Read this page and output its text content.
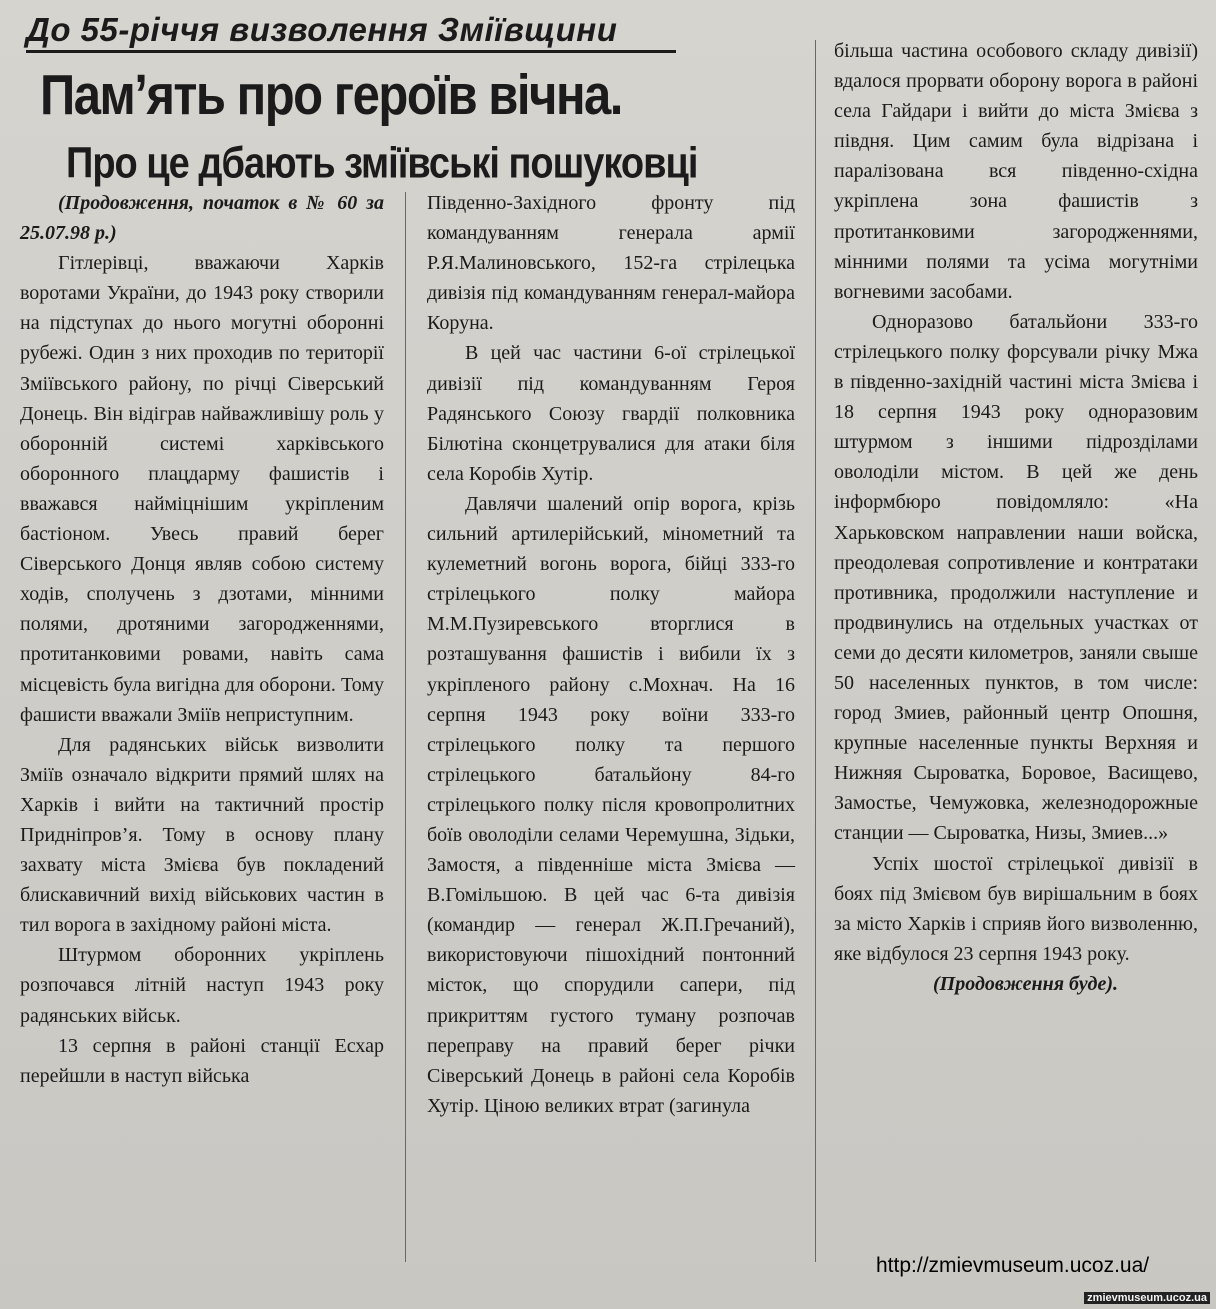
До 55-річчя визволення Зміївщини
Пам’ять про героїв вічна.
Про це дбають зміївські пошуковці

(Продовження, початок в № 60 за 25.07.98 р.)

Гітлерівці, вважаючи Харків воротами України, до 1943 року створили на підступах до нього могутні оборонні рубежі. Один з них проходив по території Зміївського району, по річці Сіверський Донець. Він відіграв найважливішу роль у оборонній системі харківського оборонного плацдарму фашистів і вважався найміцнішим укріпленим бастіоном. Увесь правий берег Сіверського Донця являв собою систему ходів, сполучень з дзотами, мінними полями, дротяними загородженнями, протитанковими ровами, навіть сама місцевість була вигідна для оборони. Тому фашисти вважали Зміїв неприступним.

Для радянських військ визволити Зміїв означало відкрити прямий шлях на Харків і вийти на тактичний простір Придніпров’я. Тому в основу плану захвату міста Змієва був покладений блискавичний вихід військових частин в тил ворога в західному районі міста.

Штурмом оборонних укріплень розпочався літній наступ 1943 року радянських військ.

13 серпня в районі станції Есхар перейшли в наступ війська

Південно-Західного фронту під командуванням генерала армії Р.Я.Малиновського, 152-га стрілецька дивізія під командуванням генерал-майора Коруна.

В цей час частини 6-ої стрілецької дивізії під командуванням Героя Радянського Союзу гвардії полковника Білютіна сконцетрувалися для атаки біля села Коробів Хутір.

Давлячи шалений опір ворога, крізь сильний артилерійський, мінометний та кулеметний вогонь ворога, бійці 333-го стрілецького полку майора М.М.Пузиревського вторглися в розташування фашистів і вибили їх з укріпленого району с.Мохнач. На 16 серпня 1943 року воїни 333-го стрілецького полку та першого стрілецького батальйону 84-го стрілецького полку після кровопролитних боїв оволоділи селами Черемушна, Зідьки, Замостя, а південніше міста Змієва — В.Гомільшою. В цей час 6-та дивізія (командир — генерал Ж.П.Гречаний), використовуючи пішохідний понтонний місток, що спорудили сапери, під прикриттям густого туману розпочав переправу на правий берег річки Сіверський Донець в районі села Коробів Хутір. Ціною великих втрат (загинула

більша частина особового складу дивізії) вдалося прорвати оборону ворога в районі села Гайдари і вийти до міста Змієва з півдня. Цим самим була відрізана і паралізована вся південно-східна укріплена зона фашистів з протитанковими загородженнями, мінними полями та усіма могутніми вогневими засобами.

Одноразово батальйони 333-го стрілецького полку форсували річку Мжа в південно-західній частині міста Змієва і 18 серпня 1943 року одноразовим штурмом з іншими підрозділами оволоділи містом. В цей же день інформбюро повідомляло: «На Харьковском направлении наши войска, преодолевая сопротивление и контратаки противника, продолжили наступление и продвинулись на отдельных участках от семи до десяти километров, заняли свыше 50 населенных пунктов, в том числе: город Змиев, районный центр Опошня, крупные населенные пункты Верхняя и Нижняя Сыроватка, Боровое, Васищево, Замостье, Чемужовка, железнодорожные станции — Сыроватка, Низы, Змиев...»

Успіх шостої стрілецької дивізії в боях під Змієвом був вирішальним в боях за місто Харків і сприяв його визволенню, яке відбулося 23 серпня 1943 року.

(Продовження буде).

http://zmievmuseum.ucoz.ua/
zmievmuseum.ucoz.ua
